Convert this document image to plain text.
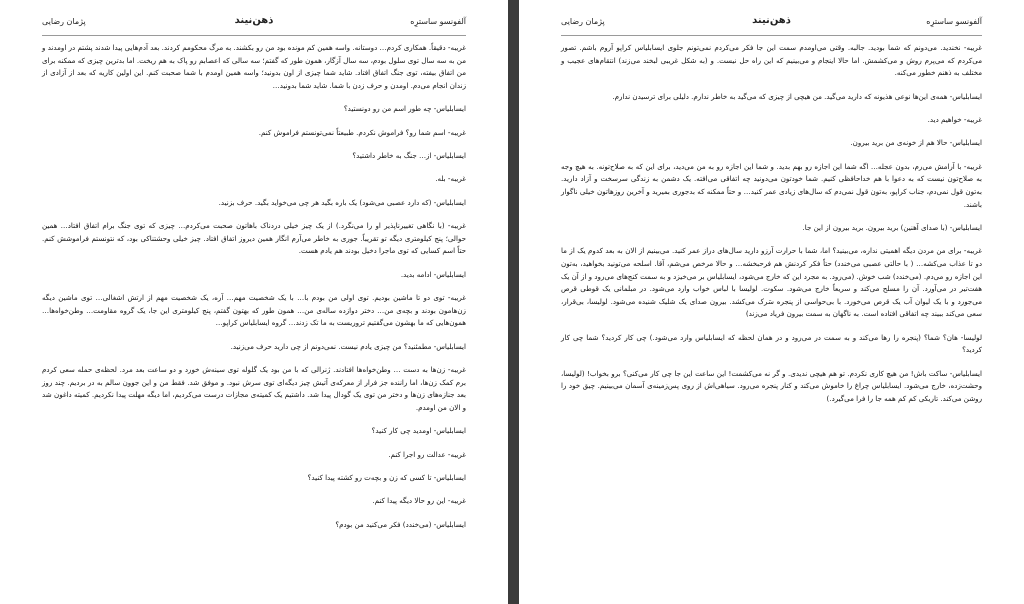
آلفونسو ساسترِه
ذهن‌نیند
پژمان رضایی

غریبه- دقیقاً. همکاری کردم… دوستانه. واسه همین کم مونده بود من رو بکشند. به مرگ محکومم کردند. بعد آدم‌هایی پیدا شدند پشتم در اومدند و من به سه سال توی سلول بودم، سه سال آزگار، همون طور که گفتم؛ سه سالی که اعصابم رو پاک به هم ریخت. اما بدترین چیزی که ممکنه برای من اتفاق بیفته، توی جنگ اتفاق افتاد. شاید شما چیزی از اون بدونید؛ واسه همین اومدم با شما صحبت کنم. این اولین کاریه که بعد از آزادی از زندان انجام می‌دم. اومدن و حرف زدن با شما. شاید شما بدونید…

ایسابلیاس- چه طور اسم من رو دونستید؟

غریبه- اسم شما رو؟ فراموش نکردم. طبیعتاً نمی‌تونستم فراموش کنم.

ایسابلیاس- از… جنگ به خاطر داشتید؟

غریبه- بله.

ایسابلیاس- (که دارد عصبی می‌شود) یک باره بگید هر چی می‌خواید بگید. حرف بزنید.

غریبه- (با نگاهی تغییرناپذیر او را می‌نگرد.) از یک چیز خیلی دردناک باهاتون صحبت می‌کردم… چیزی که توی جنگ برام اتفاق افتاد… همین حوالی؛ پنج کیلومتری دیگه تو تقریباً. جوری به خاطر می‌آرم انگار همین دیروز اتفاق افتاد. چیز خیلی وحشتناکی بود، که نتونستم فراموشش کنم. حتاً اسم کسایی که توی ماجرا دخیل بودند هم یادم هست.

ایسابلیاس- ادامه بدید.

غریبه- توی دو تا ماشین بودیم. توی اولی من بودم با… با یک شخصیت مهم… آره، یک شخصیت مهم از ارتش اشغالی… توی ماشین دیگه زن‌هامون بودند و بچه‌ی من… دختر دوازده ساله‌ی من… همون طور که بهتون گفتم، پنج کیلومتری این جا، یک گروه مقاومت… وطن‌خواه‌ها… همون‌هایی که ما بهشون می‌گفتیم تروریست به ما تک زدند… گروه ایسابلیاس کراپو…

ایسابلیاس- مطمئنید؟ من چیزی یادم نیست. نمی‌دونم از چی دارید حرف می‌زنید.

غریبه- زن‌ها به دست … وطن‌خواه‌ها افتادند. ژنرالی که با من بود یک گلوله توی سینه‌ش خورد و دو ساعت بعد مرد. لحظه‌ی حمله سعی کردم برم کمک زن‌ها، اما راننده جز فرار از معرکه‌ی آتیش چیز دیگه‌ای توی سرش نبود. و موفق شد. فقط من و این جوون سالم به در بردیم. چند روز بعد جنازه‌های زن‌ها و دختر من توی یک گودال پیدا شد. داشتیم یک کمیته‌ی مجازات درست می‌کردیم، اما دیگه مهلت پیدا نکردیم. کمیته داغون شد و الان من اومدم.

ایسابلیاس- اومدید چی کار کنید؟

غریبه- عدالت رو اجرا کنم.

ایسابلیاس- تا کسی که زن و بچه‌ت رو کشته پیدا کنید؟

غریبه- این رو حالا دیگه پیدا کنم.

ایسابلیاس- (می‌خندد) فکر می‌کنید من بودم؟

آلفونسو ساسترِه
ذهن‌نیند
پژمان رضایی

غریبه- نخندید. می‌دونم که شما بودید. جالبه. وقتی می‌اومدم سمت این جا فکر می‌کردم نمی‌تونم جلوی ایسابلیاس کراپو آروم باشم. تصور می‌کردم که می‌پرم روش و می‌کشمش. اما حالا اینجام و می‌بینیم که این راه حل نیست. و (به شکل غریبی لبخند می‌زند) انتقام‌های عجیب و مختلف به ذهنم خطور می‌کنه.

ایسابلیاس- همه‌ی این‌ها نوعی هذیونه که دارید می‌گید. من هیچی از چیزی که می‌گید به خاطر ندارم. دلیلی برای ترسیدن ندارم.

غریبه- خواهیم دید.

ایسابلیاس- حالا هم از خونه‌ی من برید بیرون.

غریبه- با آرامش می‌رم، بدون عجله… اگه شما این اجازه رو بهم بدید. و شما این اجازه رو به من می‌دید، برای این که به صلاح‌تونه. به هیچ وجه به صلاح‌تون نیست که به دعوا با هم خداحافظی کنیم. شما خودتون می‌دونید چه اتفاقی می‌افته. یک دشمن به زندگی سرسخت و آزاد دارید. به‌تون قول نمی‌دم، جناب کراپو، به‌تون قول نمی‌دم که سال‌های زیادی عمر کنید… و حتاً ممکنه که بدجوری بمیرید و آخرین روزهاتون خیلی ناگوار باشند.

ایسابلیاس- (با صدای آهنین) برید بیرون. برید بیرون از این جا.

غریبه- برای من مردن دیگه اهمیتی نداره، می‌بینید؟ اما، شما با حرارت آرزو دارید سال‌های دراز عمر کنید. می‌بینیم از الان به بعد کدوم یک از ما دو تا عذاب می‌کشه… ( با حالتی عصبی می‌خندد) حتاً فکر کردنش هم فرحبخشه… و حالا مرخص می‌شم، آقا. اسلحه می‌تونید بخواهید، به‌تون این اجازه رو می‌دم. (می‌خندد) شب خوش. (می‌رود. به مجرد این که خارج می‌شود، ایسابلیاس بر می‌خیزد و به سمت کنج‌های می‌رود و از آن یک هفت‌تیر در می‌آورد. آن را مسلح می‌کند و سریعاً خارج می‌شود. سکوت. لولیسا با لباس خواب وارد می‌شود. در مبلمانی یک قوطی قرص می‌جورد و با یک لیوان آب یک قرص می‌خورد. با بی‌حواسی از پنجره سَرک می‌کشد. بیرون صدای یک شلیک شنیده می‌شود. لولیسا، بی‌قرار، سعی می‌کند ببیند چه اتفاقی افتاده است. به ناگهان به سمت بیرون فریاد می‌زند)

لولیسا- هان؟ شما؟ (پنجره را رها می‌کند و به سمت در می‌رود و در همان لحظه که ایسابلیاس وارد می‌شود.) چی کار کردید؟ شما چی کار کردید؟

ایسابلیاس- ساکت باش! من هیچ کاری نکردم. تو هم هیچی ندیدی. و گر نه می‌کشمت! این ساعت این جا چی کار می‌کنی؟ برو بخواب! (لولیسا، وحشت‌زده، خارج می‌شود. ایسابلیاس چراغ را خاموش می‌کند و کنار پنجره می‌رود. سیاهی‌اش از روی پس‌زمینه‌ی آسمان می‌بینیم. چیق خود را روشن می‌کند. تاریکی کم کم همه جا را فرا می‌گیرد.)
